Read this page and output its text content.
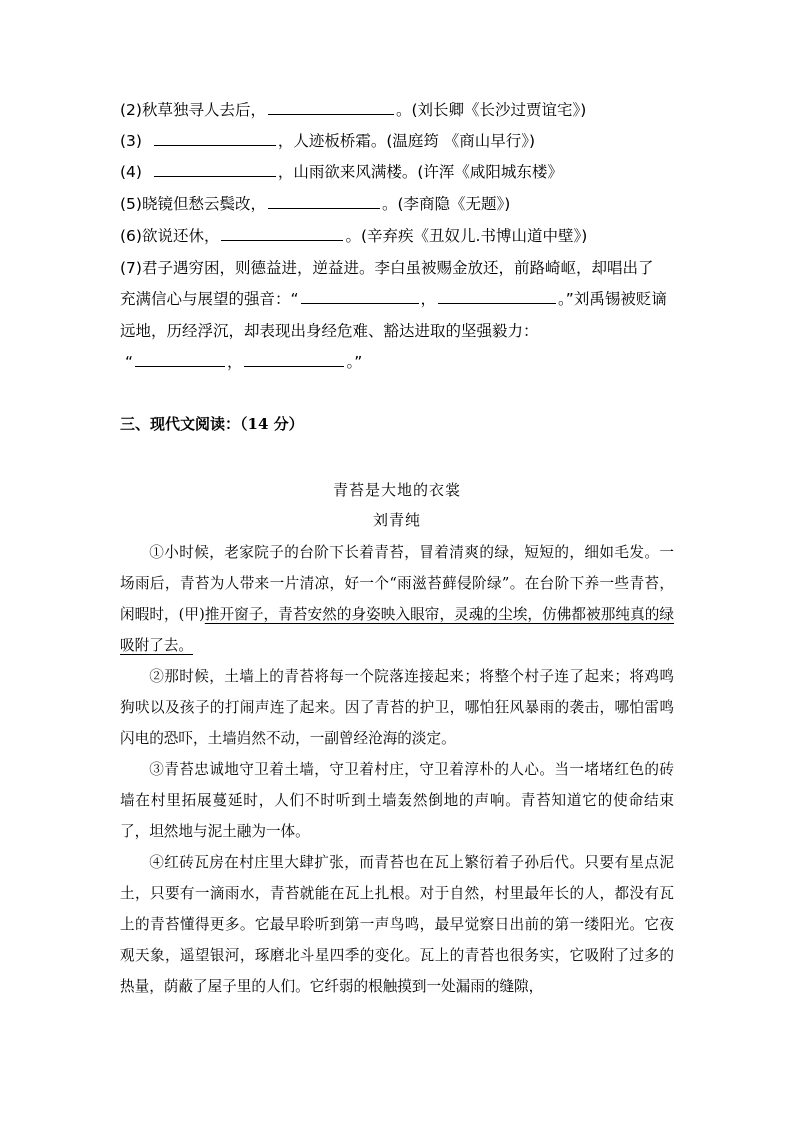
(2)秋草独寻人去后，	。(刘长卿《长沙过贾谊宅》)
(3)	，人迹板桥霜。(温庭筠 《商山早行》)
(4)	，山雨欲来风满楼。(许浑《咸阳城东楼》
(5)晓镜但愁云鬓改，	。(李商隐《无题》)
(6)欲说还休，	。(辛弃疾《丑奴儿.书博山道中壁》)
(7)君子遇穷困，则德益进，逆益进。李白虽被赐金放还，前路崎岖，却唱出了
充满信心与展望的强音：“	，	。”刘禹锡被贬谪
远地，历经浮沉，却表现出身经危难、豁达进取的坚强毅力：
“	，	。”
三、现代文阅读：（14 分）
青苔是大地的衣裳
刘青纯

①小时候，老家院子的台阶下长着青苔，冒着清爽的绿，短短的，细如毛发。一场雨后，青苔为人带来一片清凉，好一个“雨滋苔藓侵阶绿”。在台阶下养一些青苔，闲暇时，(甲)推开窗子，青苔安然的身姿映入眼帘，灵魂的尘埃，仿佛都被那纯真的绿吸附了去。

②那时候，土墙上的青苔将每一个院落连接起来；将整个村子连了起来；将鸡鸣狗吠以及孩子的打闹声连了起来。因了青苔的护卫，哪怕狂风暴雨的袭击，哪怕雷鸣闪电的恐吓，土墙岿然不动，一副曾经沧海的淡定。

③青苔忠诚地守卫着土墙，守卫着村庄，守卫着淳朴的人心。当一堵堵红色的砖墙在村里拓展蔓延时，人们不时听到土墙轰然倒地的声响。青苔知道它的使命结束了，坦然地与泥土融为一体。

④红砖瓦房在村庄里大肆扩张，而青苔也在瓦上繁衍着子孙后代。只要有星点泥土，只要有一滴雨水，青苔就能在瓦上扎根。对于自然，村里最年长的人，都没有瓦上的青苔懂得更多。它最早聆听到第一声鸟鸣，最早觉察日出前的第一缕阳光。它夜观天象，遥望银河，琢磨北斗星四季的变化。瓦上的青苔也很务实，它吸附了过多的热量，荫蔽了屋子里的人们。它纤弱的根触摸到一处漏雨的缝隙，
